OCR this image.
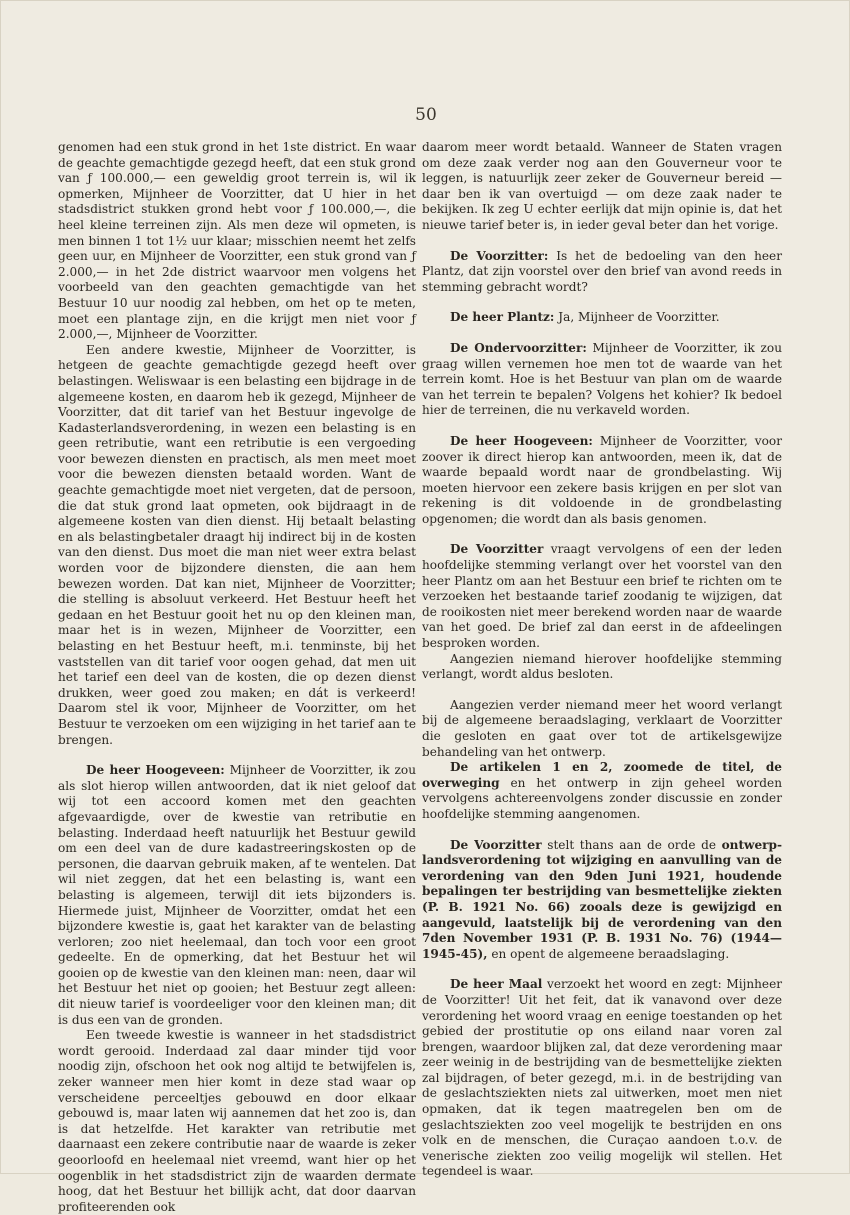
50

genomen had een stuk grond in het 1ste district. En waar de geachte gemachtigde gezegd heeft, dat een stuk grond van ƒ 100.000,— een geweldig groot terrein is, wil ik opmerken, Mijnheer de Voorzitter, dat U hier in het stadsdistrict stukken grond hebt voor ƒ 100.000,—, die heel kleine terreinen zijn. Als men deze wil opmeten, is men binnen 1 tot 1½ uur klaar; misschien neemt het zelfs geen uur, en Mijnheer de Voorzitter, een stuk grond van ƒ 2.000,— in het 2de district waarvoor men volgens het voorbeeld van den geachten gemachtigde van het Bestuur 10 uur noodig zal hebben, om het op te meten, moet een plantage zijn, en die krijgt men niet voor ƒ 2.000,—, Mijnheer de Voorzitter.

Een andere kwestie, Mijnheer de Voorzitter, is hetgeen de geachte gemachtigde gezegd heeft over belastingen. Weliswaar is een belasting een bijdrage in de algemeene kosten, en daarom heb ik gezegd, Mijnheer de Voorzitter, dat dit tarief van het Bestuur ingevolge de Kadasterlandsverordening, in wezen een belasting is en geen retributie, want een retributie is een vergoeding voor bewezen diensten en practisch, als men meet moet voor die bewezen diensten betaald worden. Want de geachte gemachtigde moet niet vergeten, dat de persoon, die dat stuk grond laat opmeten, ook bijdraagt in de algemeene kosten van dien dienst. Hij betaalt belasting en als belastingbetaler draagt hij indirect bij in de kosten van den dienst. Dus moet die man niet weer extra belast worden voor de bijzondere diensten, die aan hem bewezen worden. Dat kan niet, Mijnheer de Voorzitter; die stelling is absoluut verkeerd. Het Bestuur heeft het gedaan en het Bestuur gooit het nu op den kleinen man, maar het is in wezen, Mijnheer de Voorzitter, een belasting en het Bestuur heeft, m.i. tenminste, bij het vaststellen van dit tarief voor oogen gehad, dat men uit het tarief een deel van de kosten, die op dezen dienst drukken, weer goed zou maken; en dát is verkeerd! Daarom stel ik voor, Mijnheer de Voorzitter, om het Bestuur te verzoeken om een wijziging in het tarief aan te brengen.

De heer Hoogeveen: Mijnheer de Voorzitter, ik zou als slot hierop willen antwoorden, dat ik niet geloof dat wij tot een accoord komen met den geachten afgevaardigde, over de kwestie van retributie en belasting. Inderdaad heeft natuurlijk het Bestuur gewild om een deel van de dure kadastreeringskosten op de personen, die daarvan gebruik maken, af te wentelen. Dat wil niet zeggen, dat het een belasting is, want een belasting is algemeen, terwijl dit iets bijzonders is. Hiermede juist, Mijnheer de Voorzitter, omdat het een bijzondere kwestie is, gaat het karakter van de belasting verloren; zoo niet heelemaal, dan toch voor een groot gedeelte. En de opmerking, dat het Bestuur het wil gooien op de kwestie van den kleinen man: neen, daar wil het Bestuur het niet op gooien; het Bestuur zegt alleen: dit nieuw tarief is voordeeliger voor den kleinen man; dit is dus een van de gronden.

Een tweede kwestie is wanneer in het stadsdistrict wordt gerooid. Inderdaad zal daar minder tijd voor noodig zijn, ofschoon het ook nog altijd te betwijfelen is, zeker wanneer men hier komt in deze stad waar op verscheidene perceeltjes gebouwd en door elkaar gebouwd is, maar laten wij aannemen dat het zoo is, dan is dat hetzelfde. Het karakter van retributie met daarnaast een zekere contributie naar de waarde is zeker geoorloofd en heelemaal niet vreemd, want hier op het oogenblik in het stadsdistrict zijn de waarden dermate hoog, dat het Bestuur het billijk acht, dat door daarvan profiteerenden ook

daarom meer wordt betaald. Wanneer de Staten vragen om deze zaak verder nog aan den Gouverneur voor te leggen, is natuurlijk zeer zeker de Gouverneur bereid — daar ben ik van overtuigd — om deze zaak nader te bekijken. Ik zeg U echter eerlijk dat mijn opinie is, dat het nieuwe tarief beter is, in ieder geval beter dan het vorige.

De Voorzitter: Is het de bedoeling van den heer Plantz, dat zijn voorstel over den brief van avond reeds in stemming gebracht wordt?

De heer Plantz: Ja, Mijnheer de Voorzitter.

De Ondervoorzitter: Mijnheer de Voorzitter, ik zou graag willen vernemen hoe men tot de waarde van het terrein komt. Hoe is het Bestuur van plan om de waarde van het terrein te bepalen? Volgens het kohier? Ik bedoel hier de terreinen, die nu verkaveld worden.

De heer Hoogeveen: Mijnheer de Voorzitter, voor zoover ik direct hierop kan antwoorden, meen ik, dat de waarde bepaald wordt naar de grondbelasting. Wij moeten hiervoor een zekere basis krijgen en per slot van rekening is dit voldoende in de grondbelasting opgenomen; die wordt dan als basis genomen.

De Voorzitter vraagt vervolgens of een der leden hoofdelijke stemming verlangt over het voorstel van den heer Plantz om aan het Bestuur een brief te richten om te verzoeken het bestaande tarief zoodanig te wijzigen, dat de rooikosten niet meer berekend worden naar de waarde van het goed. De brief zal dan eerst in de afdeelingen besproken worden.

Aangezien niemand hierover hoofdelijke stemming verlangt, wordt aldus besloten.

Aangezien verder niemand meer het woord verlangt bij de algemeene beraadslaging, verklaart de Voorzitter die gesloten en gaat over tot de artikelsgewijze behandeling van het ontwerp.

De artikelen 1 en 2, zoomede de titel, de overweging en het ontwerp in zijn geheel worden vervolgens achtereenvolgens zonder discussie en zonder hoofdelijke stemming aangenomen.

De Voorzitter stelt thans aan de orde de ontwerp-landsverordening tot wijziging en aanvulling van de verordening van den 9den Juni 1921, houdende bepalingen ter bestrijding van besmettelijke ziekten (P. B. 1921 No. 66) zooals deze is gewijzigd en aangevuld, laatstelijk bij de verordening van den 7den November 1931 (P. B. 1931 No. 76) (1944—1945-45), en opent de algemeene beraadslaging.

De heer Maal verzoekt het woord en zegt: Mijnheer de Voorzitter! Uit het feit, dat ik vanavond over deze verordening het woord vraag en eenige toestanden op het gebied der prostitutie op ons eiland naar voren zal brengen, waardoor blijken zal, dat deze verordening maar zeer weinig in de bestrijding van de besmettelijke ziekten zal bijdragen, of beter gezegd, m.i. in de bestrijding van de geslachtsziekten niets zal uitwerken, moet men niet opmaken, dat ik tegen maatregelen ben om de geslachtsziekten zoo veel mogelijk te bestrijden en ons volk en de menschen, die Curaçao aandoen t.o.v. de venerische ziekten zoo veilig mogelijk wil stellen. Het tegendeel is waar.
